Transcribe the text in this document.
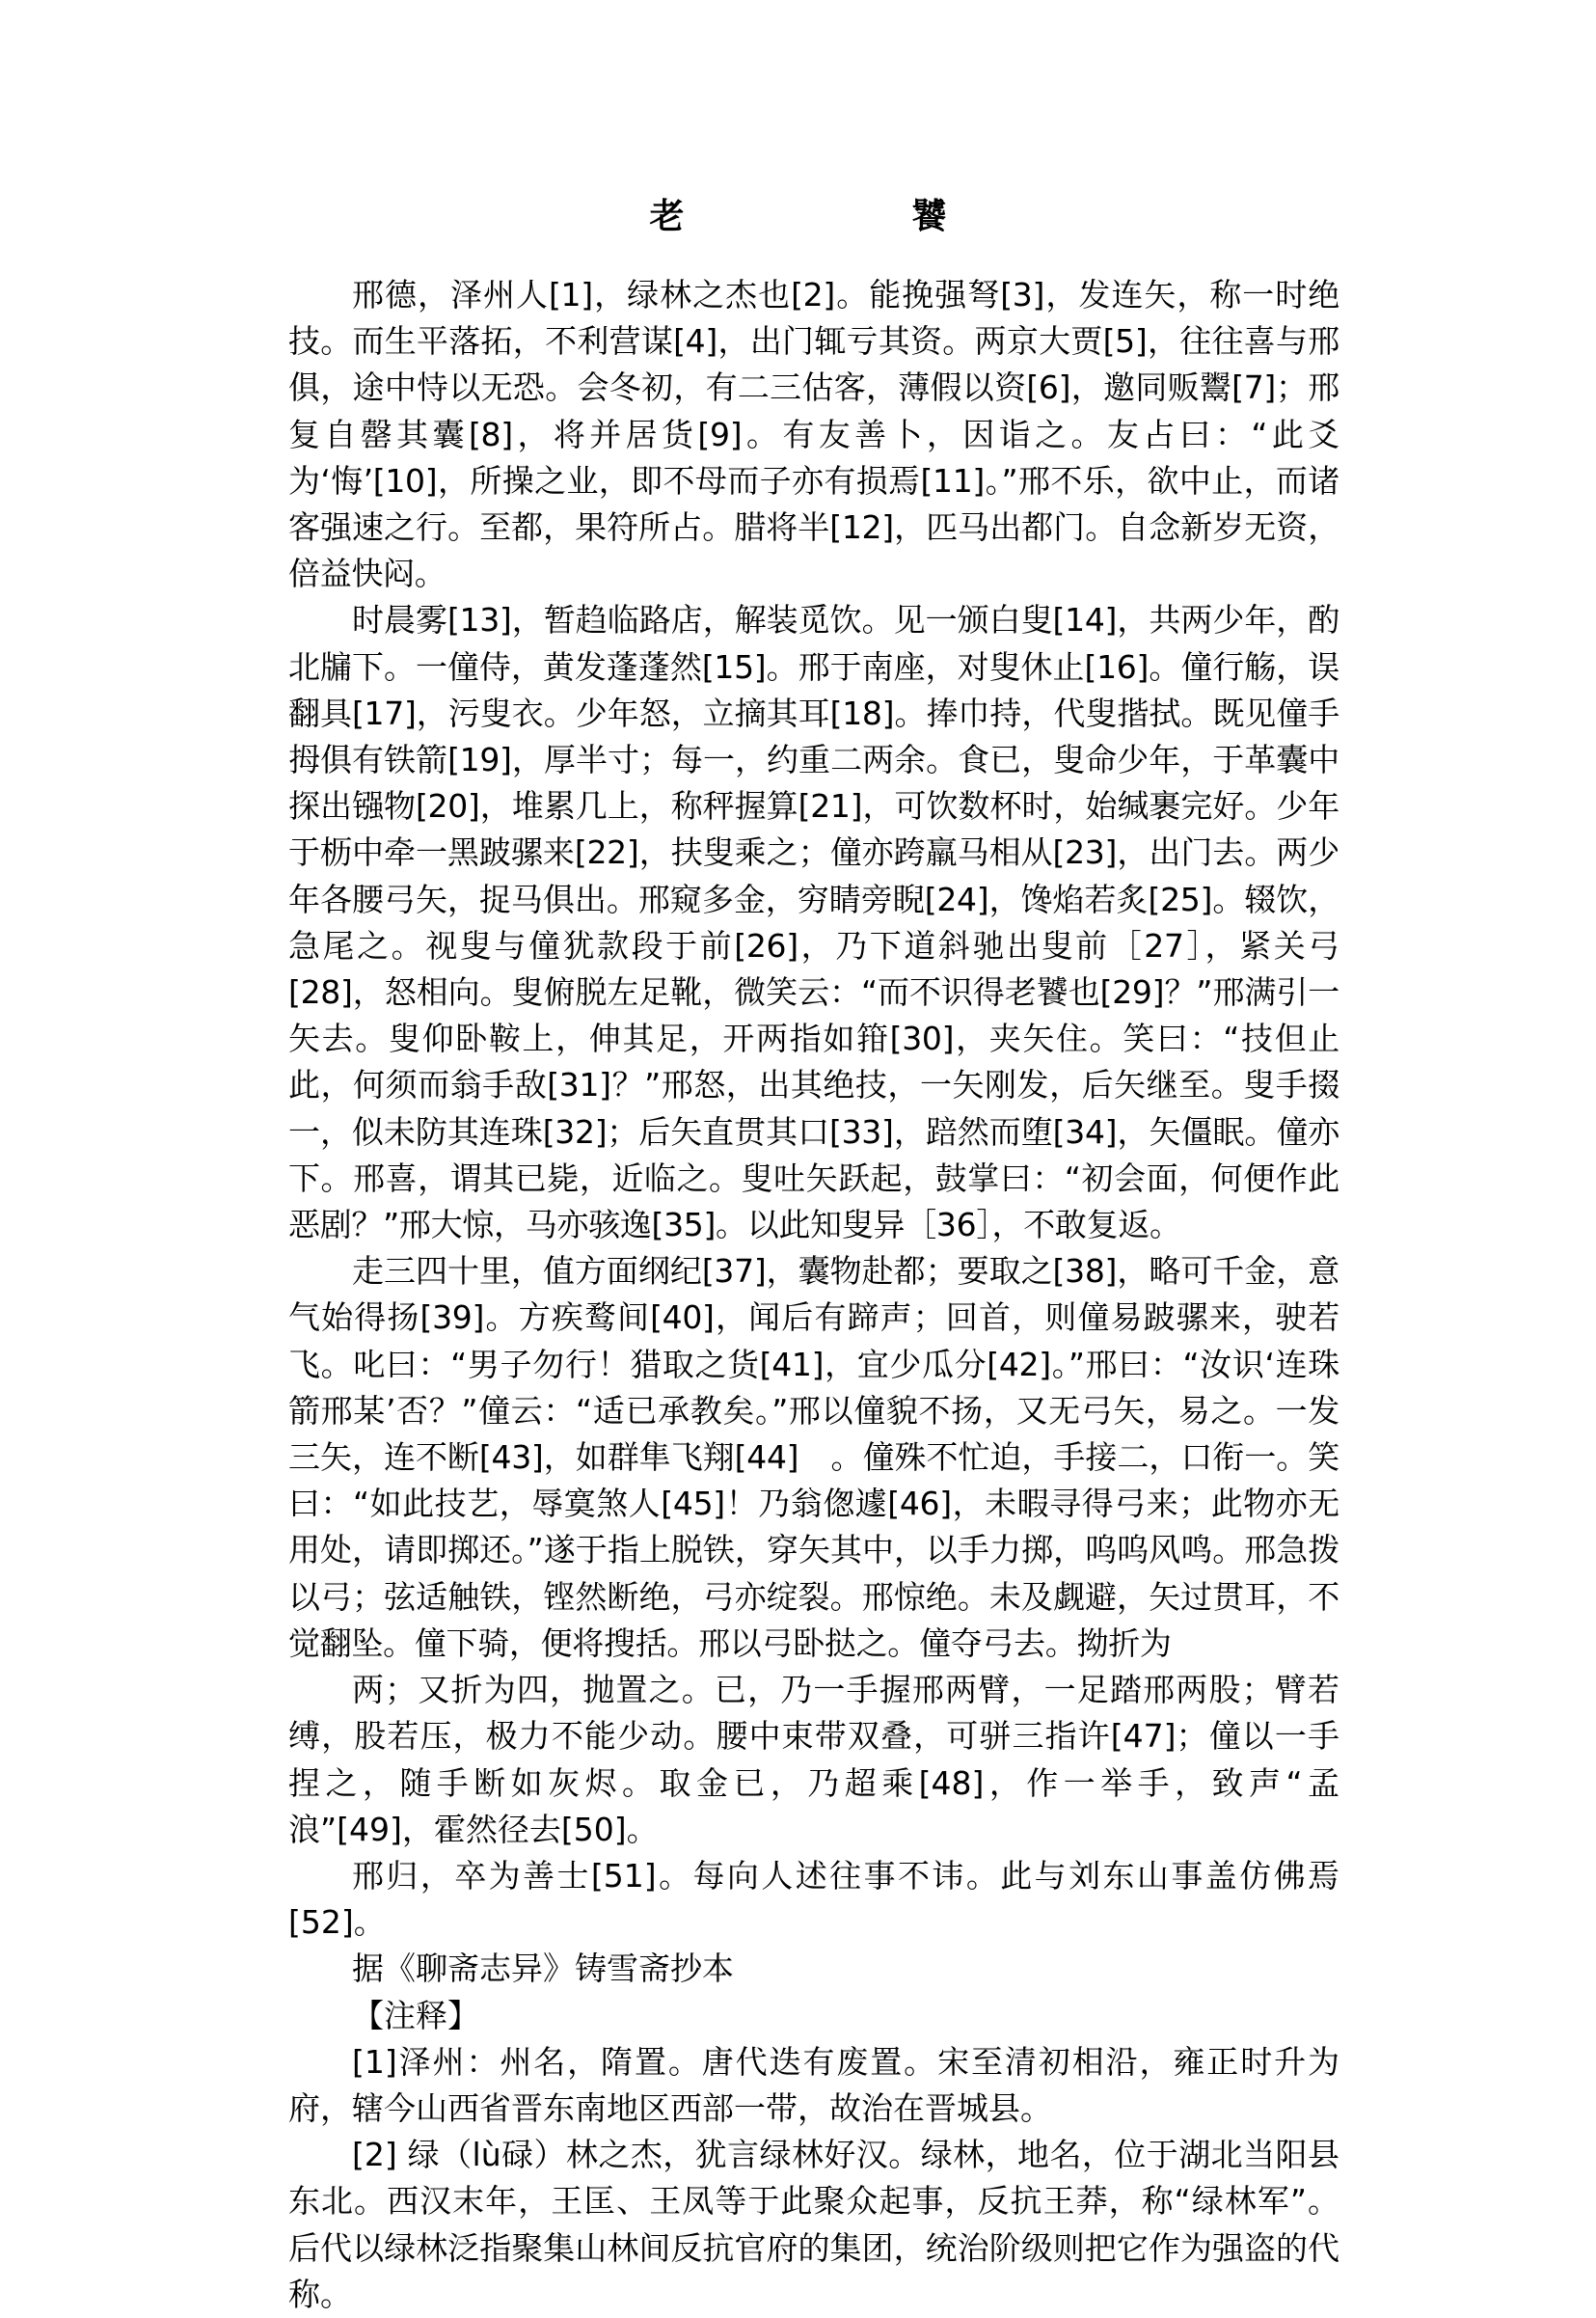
老　饕

邢德，泽州人[1]，绿林之杰也[2]。能挽强弩[3]，发连矢，称一时绝技。而生平落拓，不利营谋[4]，出门辄亏其资。两京大贾[5]，往往喜与邢俱，途中恃以无恐。会冬初，有二三估客，薄假以资[6]，邀同贩鬻[7]；邢复自罄其囊[8]，将并居货[9]。有友善卜，因诣之。友占曰：“此爻为‘悔’[10]，所操之业，即不母而子亦有损焉[11]。”邢不乐，欲中止，而诸客强速之行。至都，果符所占。腊将半[12]，匹马出都门。自念新岁无资，倍益快闷。

时晨雾[13]，暂趋临路店，解装觅饮。见一颁白叟[14]，共两少年，酌北牖下。一僮侍，黄发蓬蓬然[15]。邢于南座，对叟休止[16]。僮行觞，误翻具[17]，污叟衣。少年怒，立摘其耳[18]。捧巾持，代叟揩拭。既见僮手拇俱有铁箭[19]，厚半寸；每一，约重二两余。食已，叟命少年，于革囊中探出镪物[20]，堆累几上，称秤握算[21]，可饮数杯时，始缄裹完好。少年于枥中牵一黑跛骡来[22]，扶叟乘之；僮亦跨羸马相从[23]，出门去。两少年各腰弓矢，捉马俱出。邢窥多金，穷睛旁睨[24]，馋焰若炙[25]。辍饮，急尾之。视叟与僮犹款段于前[26]，乃下道斜驰出叟前［27］，紧关弓[28]，怒相向。叟俯脱左足靴，微笑云：“而不识得老饕也[29]？”邢满引一矢去。叟仰卧鞍上，伸其足，开两指如箝[30]，夹矢住。笑曰：“技但止此，何须而翁手敌[31]？”邢怒，出其绝技，一矢刚发，后矢继至。叟手掇一，似未防其连珠[32]；后矢直贯其口[33]，踣然而堕[34]，矢僵眠。僮亦下。邢喜，谓其已毙，近临之。叟吐矢跃起，鼓掌曰：“初会面，何便作此恶剧？”邢大惊，马亦骇逸[35]。以此知叟异［36］，不敢复返。

走三四十里，值方面纲纪[37]，囊物赴都；要取之[38]，略可千金，意气始得扬[39]。方疾鹜间[40]，闻后有蹄声；回首，则僮易跛骡来，驶若飞。叱曰：“男子勿行！猎取之货[41]，宜少瓜分[42]。”邢曰：“汝识‘连珠箭邢某’否？”僮云：“适已承教矣。”邢以僮貌不扬，又无弓矢，易之。一发三矢，连不断[43]，如群隼飞翔[44]　。僮殊不忙迫，手接二，口衔一。笑曰：“如此技艺，辱寞煞人[45]！乃翁偬遽[46]，未暇寻得弓来；此物亦无用处，请即掷还。”遂于指上脱铁，穿矢其中，以手力掷，呜呜风鸣。邢急拨以弓；弦适触铁，铿然断绝，弓亦绽裂。邢惊绝。未及觑避，矢过贯耳，不觉翻坠。僮下骑，便将搜括。邢以弓卧挞之。僮夺弓去。拗折为

两；又折为四，抛置之。已，乃一手握邢两臂，一足踏邢两股；臂若缚，股若压，极力不能少动。腰中束带双叠，可骈三指许[47]；僮以一手捏之，随手断如灰烬。取金已，乃超乘[48]，作一举手，致声“孟浪”[49]，霍然径去[50]。

邢归，卒为善士[51]。每向人述往事不讳。此与刘东山事盖仿佛焉[52]。

据《聊斋志异》铸雪斋抄本

【注释】

[1]泽州：州名，隋置。唐代迭有废置。宋至清初相沿，雍正时升为府，辖今山西省晋东南地区西部一带，故治在晋城县。

[2] 绿（lù碌）林之杰，犹言绿林好汉。绿林，地名，位于湖北当阳县东北。西汉末年，王匡、王凤等于此聚众起事，反抗王莽，称“绿林军”。后代以绿林泛指聚集山林间反抗官府的集团，统治阶级则把它作为强盗的代称。
